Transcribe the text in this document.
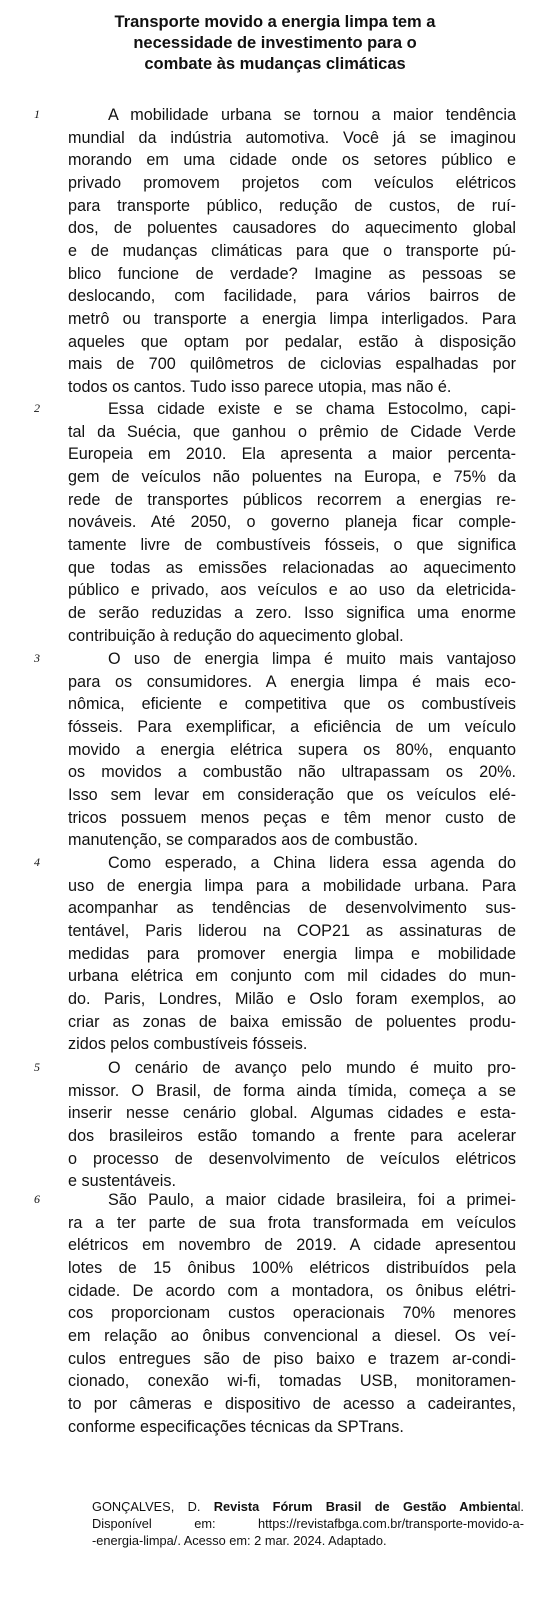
Transporte movido a energia limpa tem a
necessidade de investimento para o
combate às mudanças climáticas
1	A mobilidade urbana se tornou a maior tendência
mundial da indústria automotiva. Você já se imaginou
morando em uma cidade onde os setores público e
privado promovem projetos com veículos elétricos
para transporte público, redução de custos, de ruí-
dos, de poluentes causadores do aquecimento global
e de mudanças climáticas para que o transporte pú-
blico funcione de verdade? Imagine as pessoas se
deslocando, com facilidade, para vários bairros de
metrô ou transporte a energia limpa interligados. Para
aqueles que optam por pedalar, estão à disposição
mais de 700 quilômetros de ciclovias espalhadas por
todos os cantos. Tudo isso parece utopia, mas não é.
2	Essa cidade existe e se chama Estocolmo, capi-
tal da Suécia, que ganhou o prêmio de Cidade Verde
Europeia em 2010. Ela apresenta a maior percenta-
gem de veículos não poluentes na Europa, e 75% da
rede de transportes públicos recorrem a energias re-
nováveis. Até 2050, o governo planeja ficar comple-
tamente livre de combustíveis fósseis, o que significa
que todas as emissões relacionadas ao aquecimento
público e privado, aos veículos e ao uso da eletricida-
de serão reduzidas a zero. Isso significa uma enorme
contribuição à redução do aquecimento global.
3	O uso de energia limpa é muito mais vantajoso
para os consumidores. A energia limpa é mais eco-
nômica, eficiente e competitiva que os combustíveis
fósseis. Para exemplificar, a eficiência de um veículo
movido a energia elétrica supera os 80%, enquanto
os movidos a combustão não ultrapassam os 20%.
Isso sem levar em consideração que os veículos elé-
tricos possuem menos peças e têm menor custo de
manutenção, se comparados aos de combustão.
4	Como esperado, a China lidera essa agenda do
uso de energia limpa para a mobilidade urbana. Para
acompanhar as tendências de desenvolvimento sus-
tentável, Paris liderou na COP21 as assinaturas de
medidas para promover energia limpa e mobilidade
urbana elétrica em conjunto com mil cidades do mun-
do. Paris, Londres, Milão e Oslo foram exemplos, ao
criar as zonas de baixa emissão de poluentes produ-
zidos pelos combustíveis fósseis.
5	O cenário de avanço pelo mundo é muito pro-
missor. O Brasil, de forma ainda tímida, começa a se
inserir nesse cenário global. Algumas cidades e esta-
dos brasileiros estão tomando a frente para acelerar
o processo de desenvolvimento de veículos elétricos
e sustentáveis.
6	São Paulo, a maior cidade brasileira, foi a primei-
ra a ter parte de sua frota transformada em veículos
elétricos em novembro de 2019. A cidade apresentou
lotes de 15 ônibus 100% elétricos distribuídos pela
cidade. De acordo com a montadora, os ônibus elétri-
cos proporcionam custos operacionais 70% menores
em relação ao ônibus convencional a diesel. Os veí-
culos entregues são de piso baixo e trazem ar-condi-
cionado, conexão wi-fi, tomadas USB, monitoramen-
to por câmeras e dispositivo de acesso a cadeirantes,
conforme especificações técnicas da SPTrans.
GONÇALVES, D. Revista Fórum Brasil de Gestão Ambiental.
Disponível em: https://revistafbga.com.br/transporte-movido-a-
-energia-limpa/. Acesso em: 2 mar. 2024. Adaptado.
